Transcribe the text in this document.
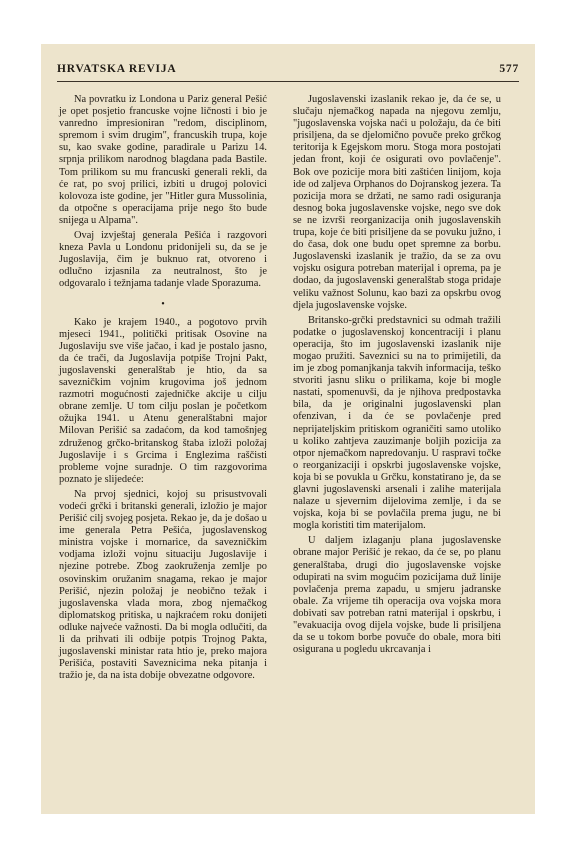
HRVATSKA REVIJA	577

Na povratku iz Londona u Pariz general Pešić je opet posjetio francuske vojne ličnosti i bio je vanredno impresioniran "redom, disciplinom, spremom i svim drugim", francuskih trupa, koje su, kao svake godine, paradirale u Parizu 14. srpnja prilikom narodnog blagdana pada Bastile. Tom prilikom su mu francuski generali rekli, da će rat, po svoj prilici, izbiti u drugoj polovici kolovoza iste godine, jer "Hitler gura Mussolinia, da otpočne s operacijama prije nego što bude snijega u Alpama".

Ovaj izvještaj generala Pešića i razgovori kneza Pavla u Londonu pridonijeli su, da se je Jugoslavija, čim je buknuo rat, otvoreno i odlučno izjasnila za neutralnost, što je odgovaralo i težnjama tadanje vlade Sporazuma.

•

Kako je krajem 1940., a pogotovo prvih mjeseci 1941., politički pritisak Osovine na Jugoslaviju sve više jačao, i kad je postalo jasno, da će trači, da Jugoslavija potpiše Trojni Pakt, jugoslavenski generalštab je htio, da sa savezničkim vojnim krugovima još jednom razmotri mogućnosti zajedničke akcije u cilju obrane zemlje. U tom cilju poslan je početkom ožujka 1941. u Atenu generalštabni major Milovan Perišić sa zadaćom, da kod tamošnjeg združenog grčko-britanskog štaba izloži položaj Jugoslavije i s Grcima i Englezima raščisti probleme vojne suradnje. O tim razgovorima poznato je slijedeće:

Na prvoj sjednici, kojoj su prisustvovali vodeći grčki i britanski generali, izložio je major Perišić cilj svojeg posjeta. Rekao je, da je došao u ime generala Petra Pešića, jugoslavenskog ministra vojske i mornarice, da savezničkim vodjama izloži vojnu situaciju Jugoslavije i njezine potrebe. Zbog zaokruženja zemlje po osovinskim oružanim snagama, rekao je major Perišić, njezin položaj je neobično težak i jugoslavenska vlada mora, zbog njemačkog diplomatskog pritiska, u najkraćem roku donijeti odluke najveće važnosti. Da bi mogla odlučiti, da li da prihvati ili odbije potpis Trojnog Pakta, jugoslavenski ministar rata htio je, preko majora Perišića, postaviti Saveznicima neka pitanja i tražio je, da na ista dobije obvezatne odgovore.

Jugoslavenski izaslanik rekao je, da će se, u slučaju njemačkog napada na njegovu zemlju, "jugoslavenska vojska naći u položaju, da će biti prisiljena, da se djelomično povuče preko grčkog teritorija k Egejskom moru. Stoga mora postojati jedan front, koji će osigurati ovo povlačenje". Bok ove pozicije mora biti zaštićen linijom, koja ide od zaljeva Orphanos do Dojranskog jezera. Ta pozicija mora se držati, ne samo radi osiguranja desnog boka jugoslavenske vojske, nego sve dok se ne izvrši reorganizacija onih jugoslavenskih trupa, koje će biti prisiljene da se povuku južno, i do časa, dok one budu opet spremne za borbu. Jugoslavenski izaslanik je tražio, da se za ovu vojsku osigura potreban materijal i oprema, pa je dodao, da jugoslavenski generalštab stoga pridaje veliku važnost Solunu, kao bazi za opskrbu ovog djela jugoslavenske vojske.

Britansko-grčki predstavnici su odmah tražili podatke o jugoslavenskoj koncentraciji i planu operacija, što im jugoslavenski izaslanik nije mogao pružiti. Saveznici su na to primijetili, da im je zbog pomanjkanja takvih informacija, teško stvoriti jasnu sliku o prilikama, koje bi mogle nastati, spomenuvši, da je njihova predpostavka bila, da je originalni jugoslavenski plan ofenzivan, i da će se povlačenje pred neprijateljskim pritiskom ograničiti samo utoliko u koliko zahtjeva zauzimanje boljih pozicija za otpor njemačkom napredovanju. U raspravi točke o reorganizaciji i opskrbi jugoslavenske vojske, koja bi se povukla u Grčku, konstatirano je, da se glavni jugoslavenski arsenali i zalihe materijala nalaze u sjevernim dijelovima zemlje, i da se vojska, koja bi se povlačila prema jugu, ne bi mogla koristiti tim materijalom.

U daljem izlaganju plana jugoslavenske obrane major Perišić je rekao, da će se, po planu generalštaba, drugi dio jugoslavenske vojske odupirati na svim mogućim pozicijama duž linije povlačenja prema zapadu, u smjeru jadranske obale. Za vrijeme tih operacija ova vojska mora dobivati sav potreban ratni materijal i opskrbu, i "evakuacija ovog dijela vojske, bude li prisiljena da se u tokom borbe povuče do obale, mora biti osigurana u pogledu ukrcavanja i
